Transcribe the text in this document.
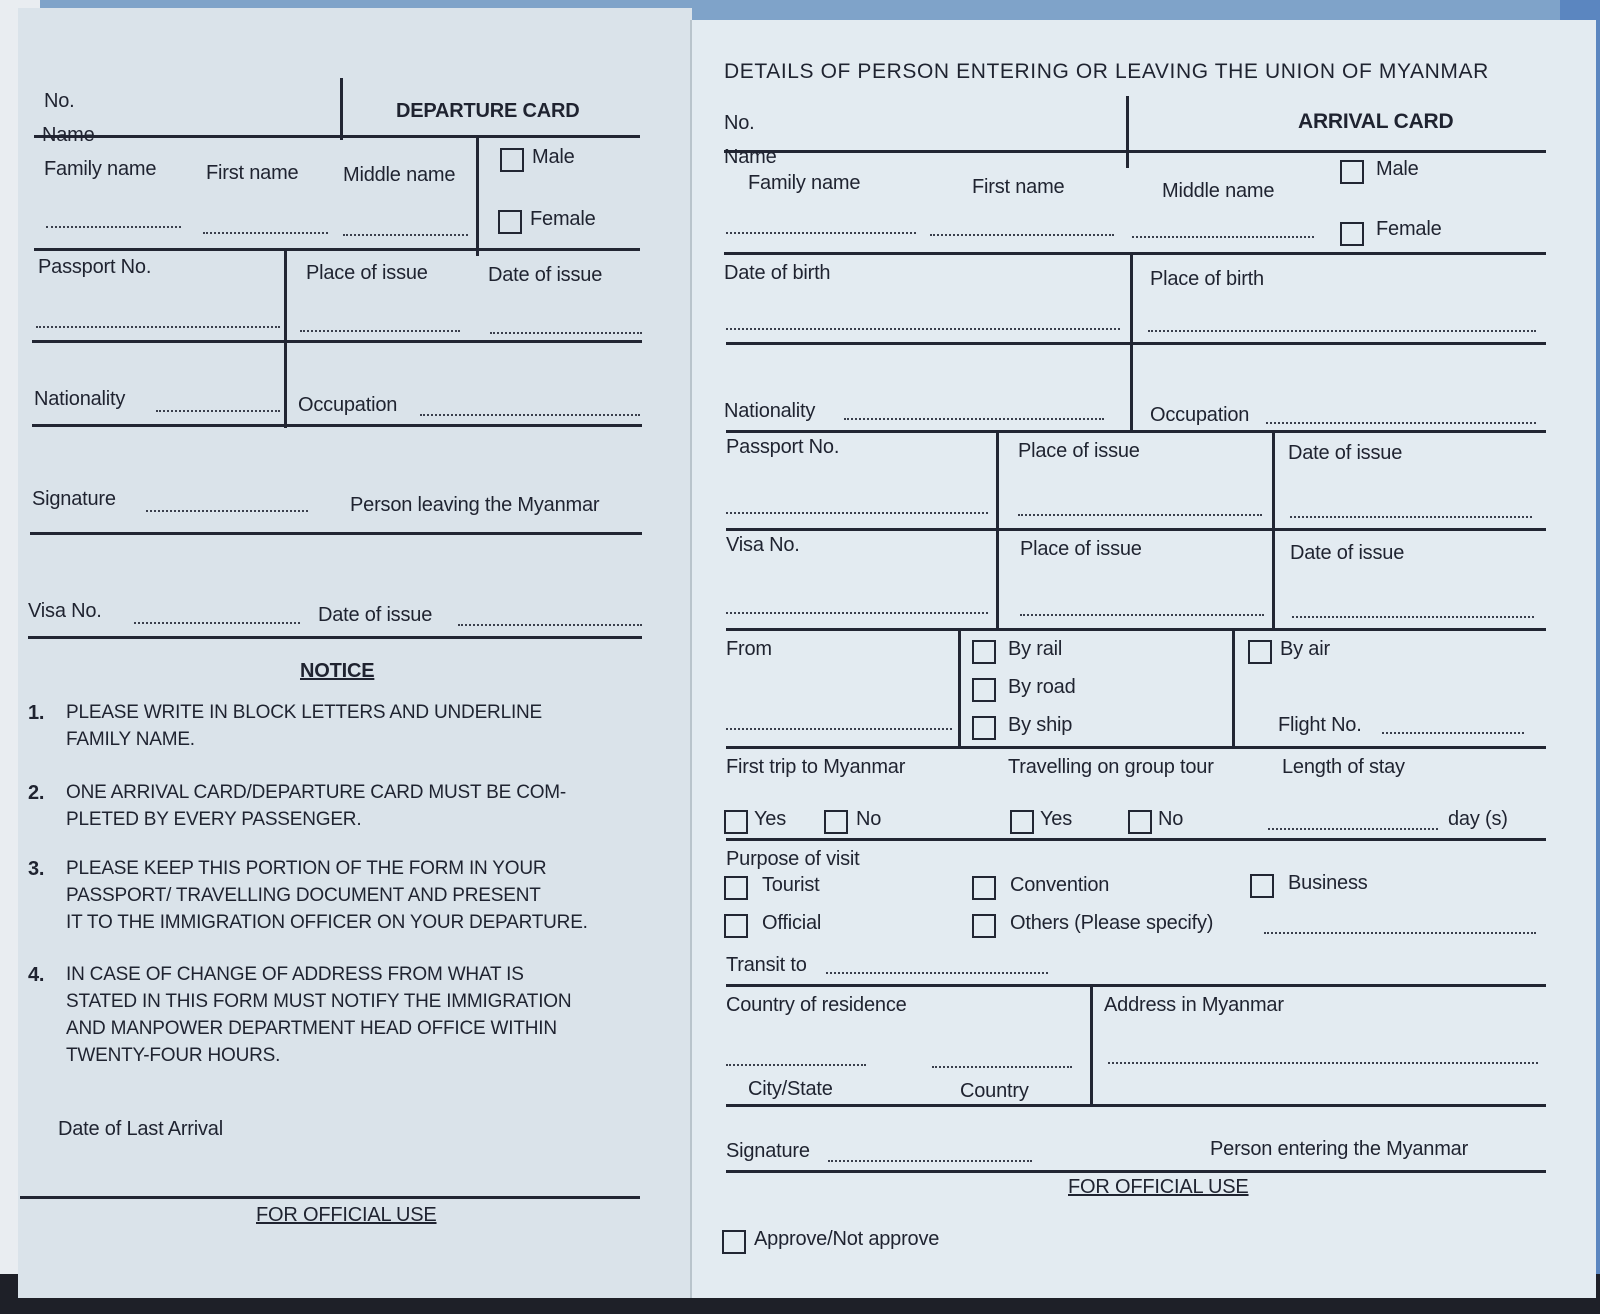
No.	DEPARTURE CARD
Name
Family name First name Middle name
Male
Female
Passport No.	Place of issue	Date of issue
Nationality	Occupation
Signature	Person leaving the Myanmar
Visa No.	Date of issue
NOTICE
1. PLEASE WRITE IN BLOCK LETTERS AND UNDERLINE
FAMILY NAME.
2. ONE ARRIVAL CARD/DEPARTURE CARD MUST BE COM-
PLETED BY EVERY PASSENGER.
3. PLEASE KEEP THIS PORTION OF THE FORM IN YOUR
PASSPORT/ TRAVELLING DOCUMENT AND PRESENT
IT TO THE IMMIGRATION OFFICER ON YOUR DEPARTURE.
4. IN CASE OF CHANGE OF ADDRESS FROM WHAT IS
STATED IN THIS FORM MUST NOTIFY THE IMMIGRATION
AND MANPOWER DEPARTMENT HEAD OFFICE WITHIN
TWENTY-FOUR HOURS.
Date of Last Arrival
FOR OFFICIAL USE
DETAILS OF PERSON ENTERING OR LEAVING THE UNION OF MYANMAR
No.	ARRIVAL CARD
Name
Family name	First name	Middle name
Male
Female
Date of birth	Place of birth
Nationality	Occupation
Passport No.	Place of issue	Date of issue
Visa No.	Place of issue	Date of issue
From	By rail
By road
By ship
By air
Flight No.
First trip to Myanmar	Travelling on group tour	Length of stay
Yes	No	Yes	No	day (s)
Purpose of visit
Tourist	Convention	Business
Official	Others (Please specify)
Transit to
Country of residence	Address in Myanmar
City/State	Country
Signature	Person entering the Myanmar
FOR OFFICIAL USE
Approve/Not approve
